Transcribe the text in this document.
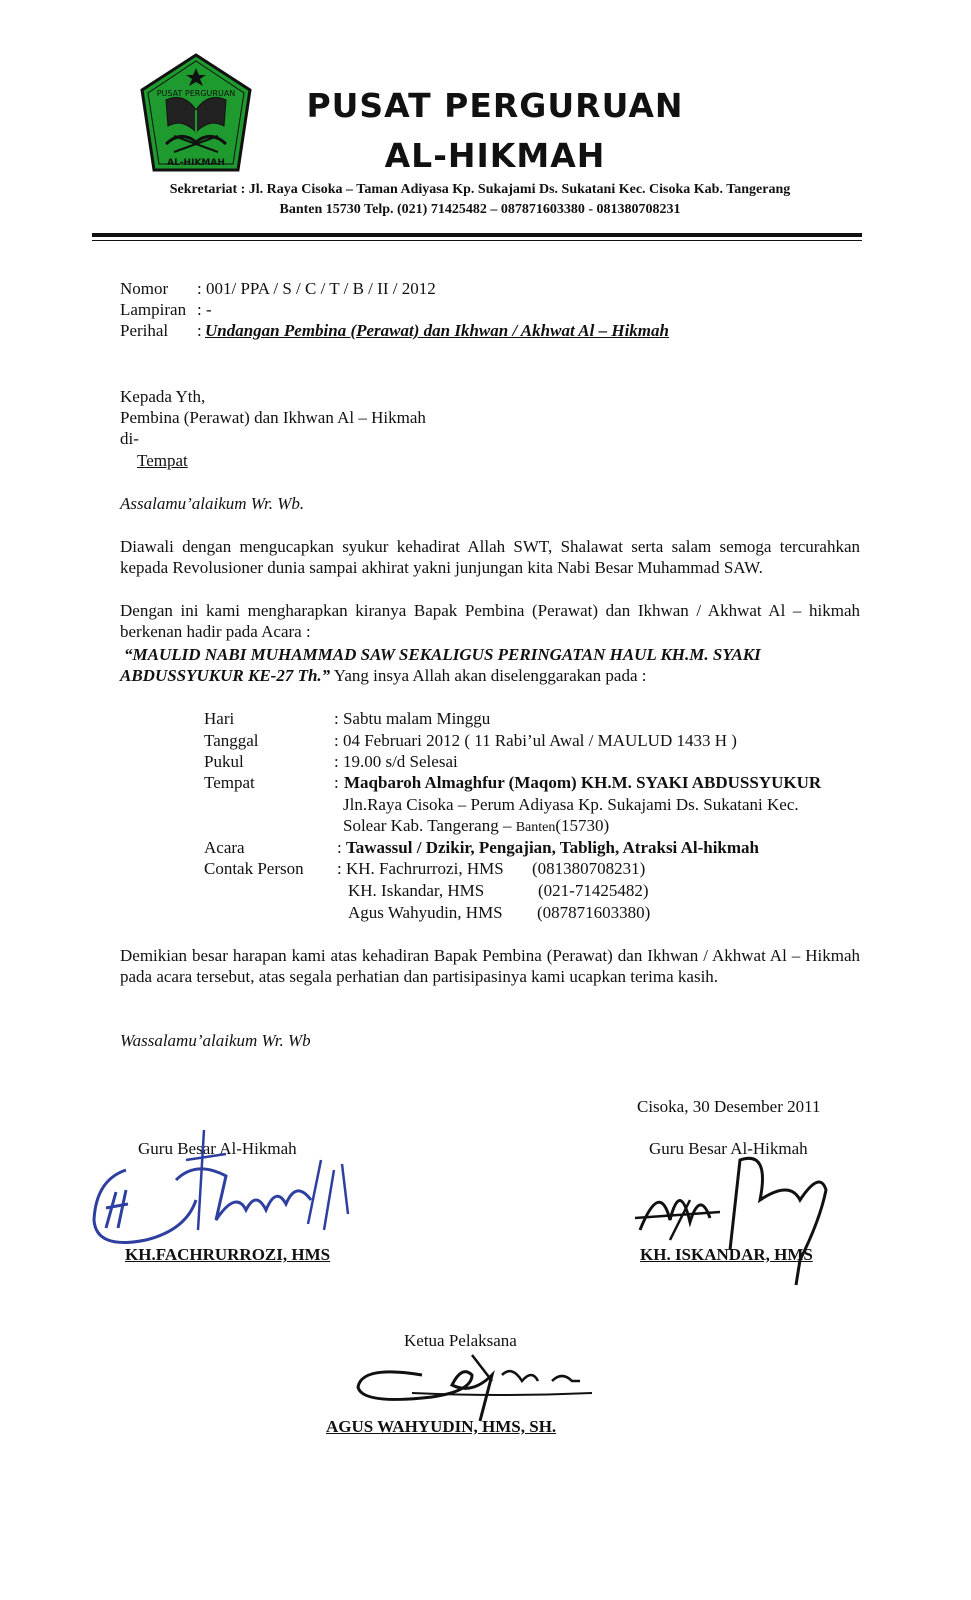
AL-HIKMAH
PUSAT PERGURUAN	PUSAT PERGURUAN
AL-HIKMAH
Sekretariat : Jl. Raya Cisoka – Taman Adiyasa Kp. Sukajami Ds. Sukatani Kec. Cisoka Kab. Tangerang
Banten 15730 Telp. (021) 71425482 – 087871603380 - 081380708231
Nomor : 001/ PPA / S / C / T / B / II / 2012
Lampiran : -
Perihal : Undangan Pembina (Perawat) dan Ikhwan / Akhwat Al – Hikmah
Kepada Yth,
Pembina (Perawat) dan Ikhwan Al – Hikmah
di-
Tempat
Assalamu’alaikum Wr. Wb.
Diawali dengan mengucapkan syukur kehadirat Allah SWT, Shalawat serta salam semoga tercurahkan kepada Revolusioner dunia sampai akhirat yakni junjungan kita Nabi Besar Muhammad SAW.
Dengan ini kami mengharapkan kiranya Bapak Pembina (Perawat) dan Ikhwan / Akhwat Al – hikmah berkenan hadir pada Acara :
“MAULID NABI MUHAMMAD SAW SEKALIGUS PERINGATAN HAUL KH.M. SYAKI
ABDUSSYUKUR KE-27 Th.” Yang insya Allah akan diselenggarakan pada :
Hari	: Sabtu malam Minggu
Tanggal	: 04 Februari 2012 ( 11 Rabi’ul Awal / MAULUD 1433 H )
Pukul	: 19.00 s/d Selesai
Tempat	: Maqbaroh Almaghfur (Maqom) KH.M. SYAKI ABDUSSYUKUR
Jln.Raya Cisoka – Perum Adiyasa Kp. Sukajami Ds. Sukatani Kec.
Solear Kab. Tangerang – Banten(15730)
Acara	: Tawassul / Dzikir, Pengajian, Tabligh, Atraksi Al-hikmah
Contak Person : KH. Fachrurrozi, HMS (081380708231)
KH. Iskandar, HMS	(021-71425482)
Agus Wahyudin, HMS (087871603380)
Demikian besar harapan kami atas kehadiran Bapak Pembina (Perawat) dan Ikhwan / Akhwat Al – Hikmah pada acara tersebut, atas segala perhatian dan partisipasinya kami ucapkan terima kasih.
Wassalamu’alaikum Wr. Wb
Cisoka, 30 Desember 2011
Guru Besar Al-Hikmah
KH.FACHRURROZI, HMS
Guru Besar Al-Hikmah
KH. ISKANDAR, HMS
Ketua Pelaksana
AGUS WAHYUDIN, HMS, SH.
